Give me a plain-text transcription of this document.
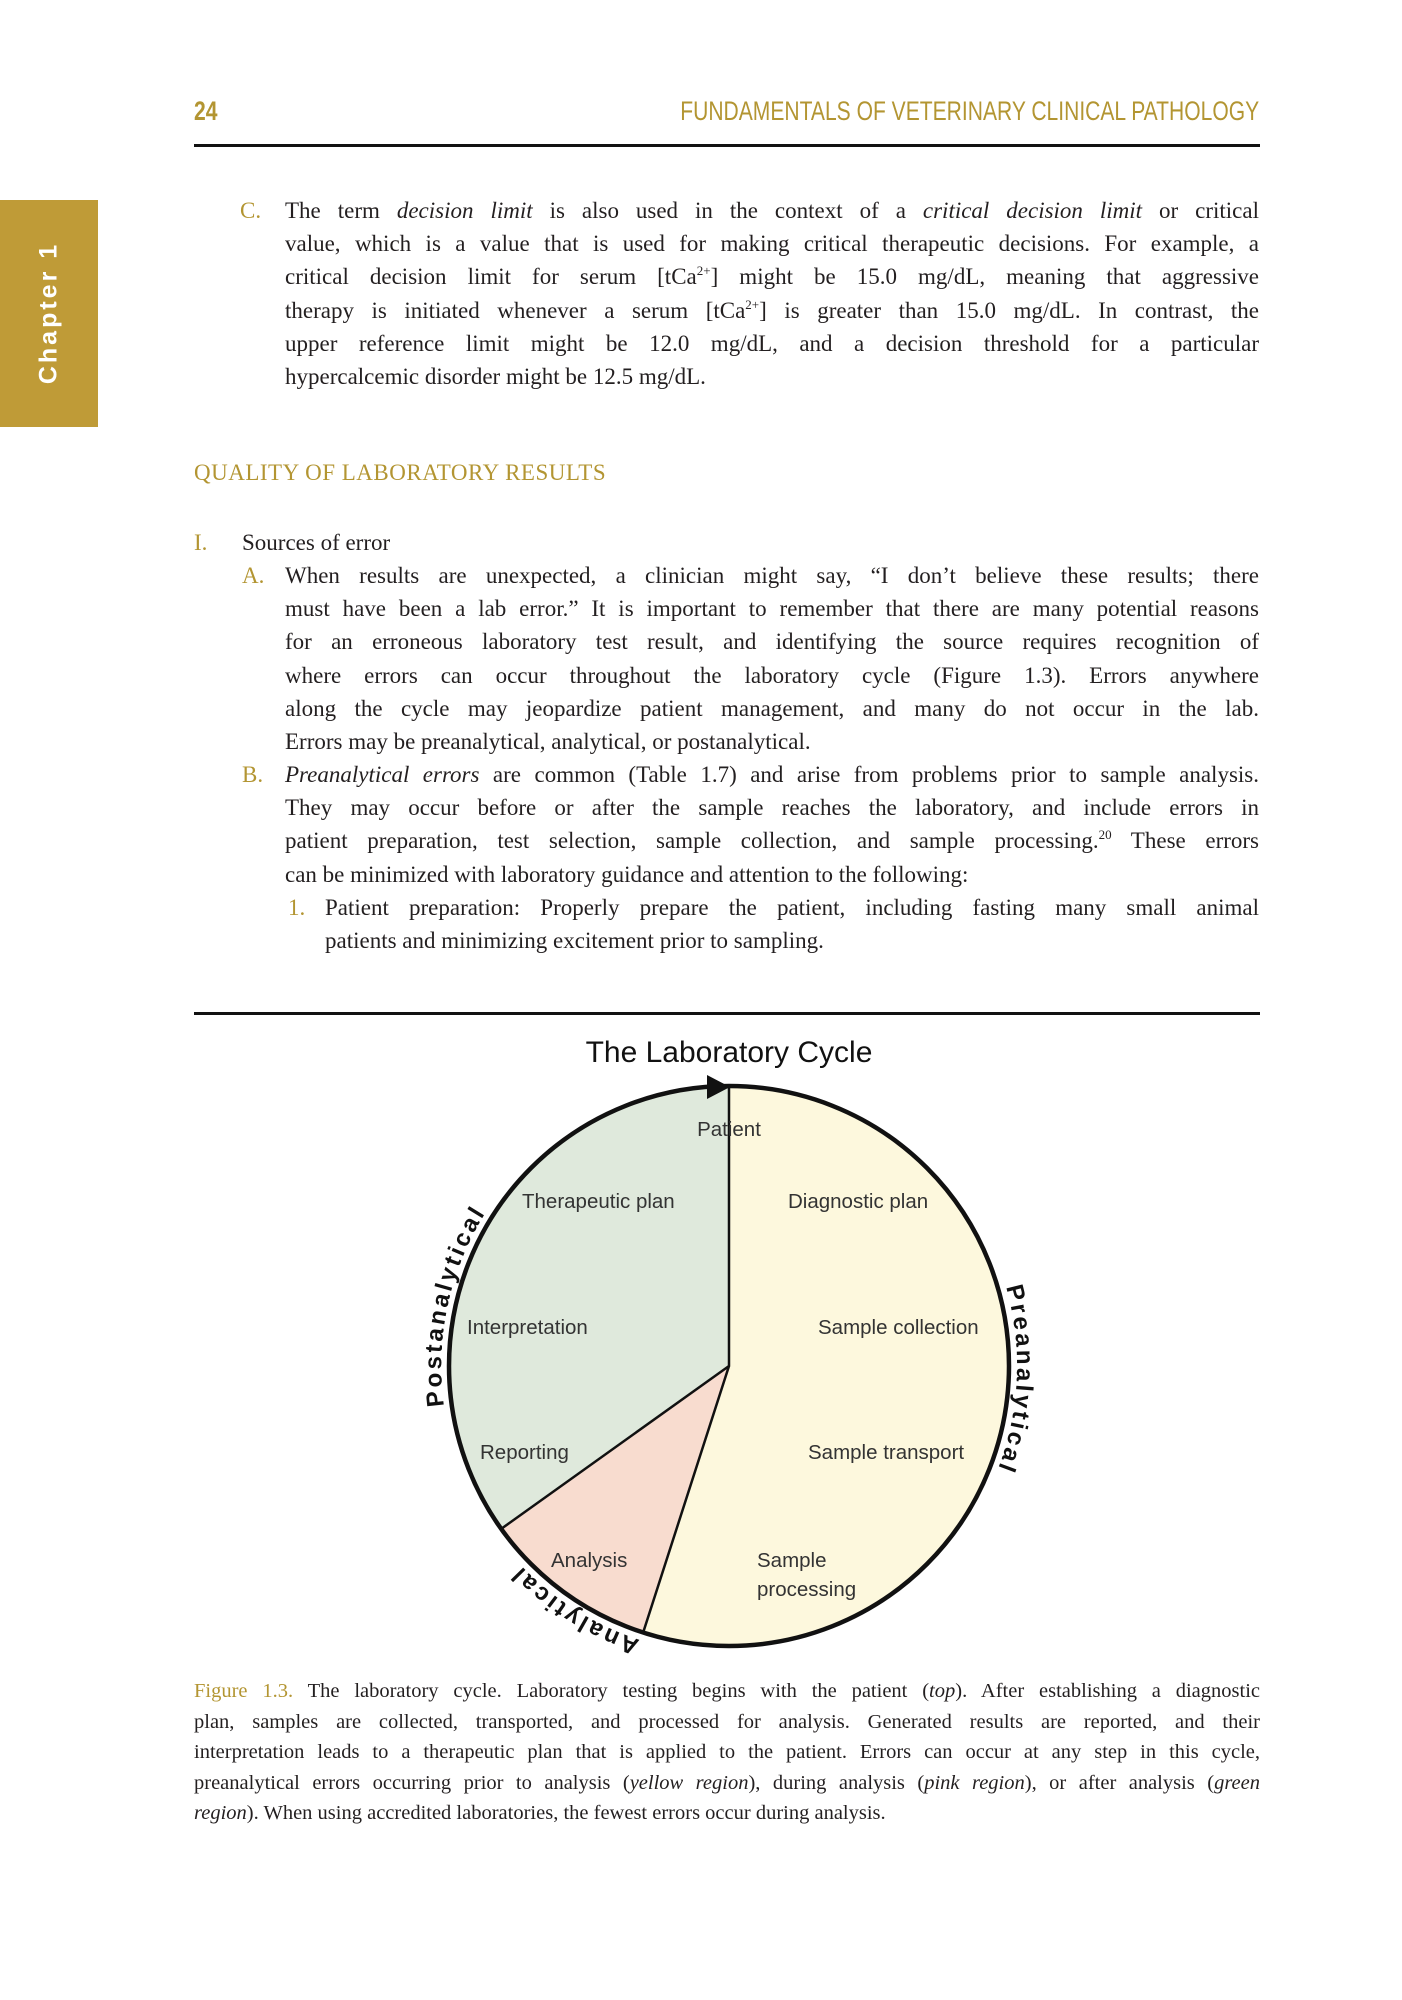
24	FUNDAMENTALS OF VETERINARY CLINICAL PATHOLOGY
Chapter 1
C. The term decision limit is also used in the context of a critical decision limit or critical
value, which is a value that is used for making critical therapeutic decisions. For example, a
critical decision limit for serum [tCa$^{2+}$] might be 15.0 mg/dL, meaning that aggressive
therapy is initiated whenever a serum [tCa$^{2+}$] is greater than 15.0 mg/dL. In contrast, the
upper reference limit might be 12.0 mg/dL, and a decision threshold for a particular
hypercalcemic disorder might be 12.5 mg/dL.
QUALITY OF LABORATORY RESULTS
I. Sources of error
A. When results are unexpected, a clinician might say, “I don’t believe these results; there
must have been a lab error.” It is important to remember that there are many potential reasons
for an erroneous laboratory test result, and identifying the source requires recognition of
where errors can occur throughout the laboratory cycle (Figure 1.3). Errors anywhere
along the cycle may jeopardize patient management, and many do not occur in the lab.
Errors may be preanalytical, analytical, or postanalytical.
B. Preanalytical errors are common (Table 1.7) and arise from problems prior to sample analysis.
They may occur before or after the sample reaches the laboratory, and include errors in
patient preparation, test selection, sample collection, and sample processing.$^{20}$ These errors
can be minimized with laboratory guidance and attention to the following:
1. Patient preparation: Properly prepare the patient, including fasting many small animal
patients and minimizing excitement prior to sampling.
The Laboratory Cycle
Patient
Diagnostic plan
Sample collection
Sample transport
Sample
processing
Analysis
Reporting
Interpretation
Therapeutic plan
Postanalytical
Preanalytical
Analytical
Figure 1.3. The laboratory cycle. Laboratory testing begins with the patient (top). After establishing a diagnostic
plan, samples are collected, transported, and processed for analysis. Generated results are reported, and their
interpretation leads to a therapeutic plan that is applied to the patient. Errors can occur at any step in this cycle,
preanalytical errors occurring prior to analysis (yellow region), during analysis (pink region), or after analysis (green
region). When using accredited laboratories, the fewest errors occur during analysis.
